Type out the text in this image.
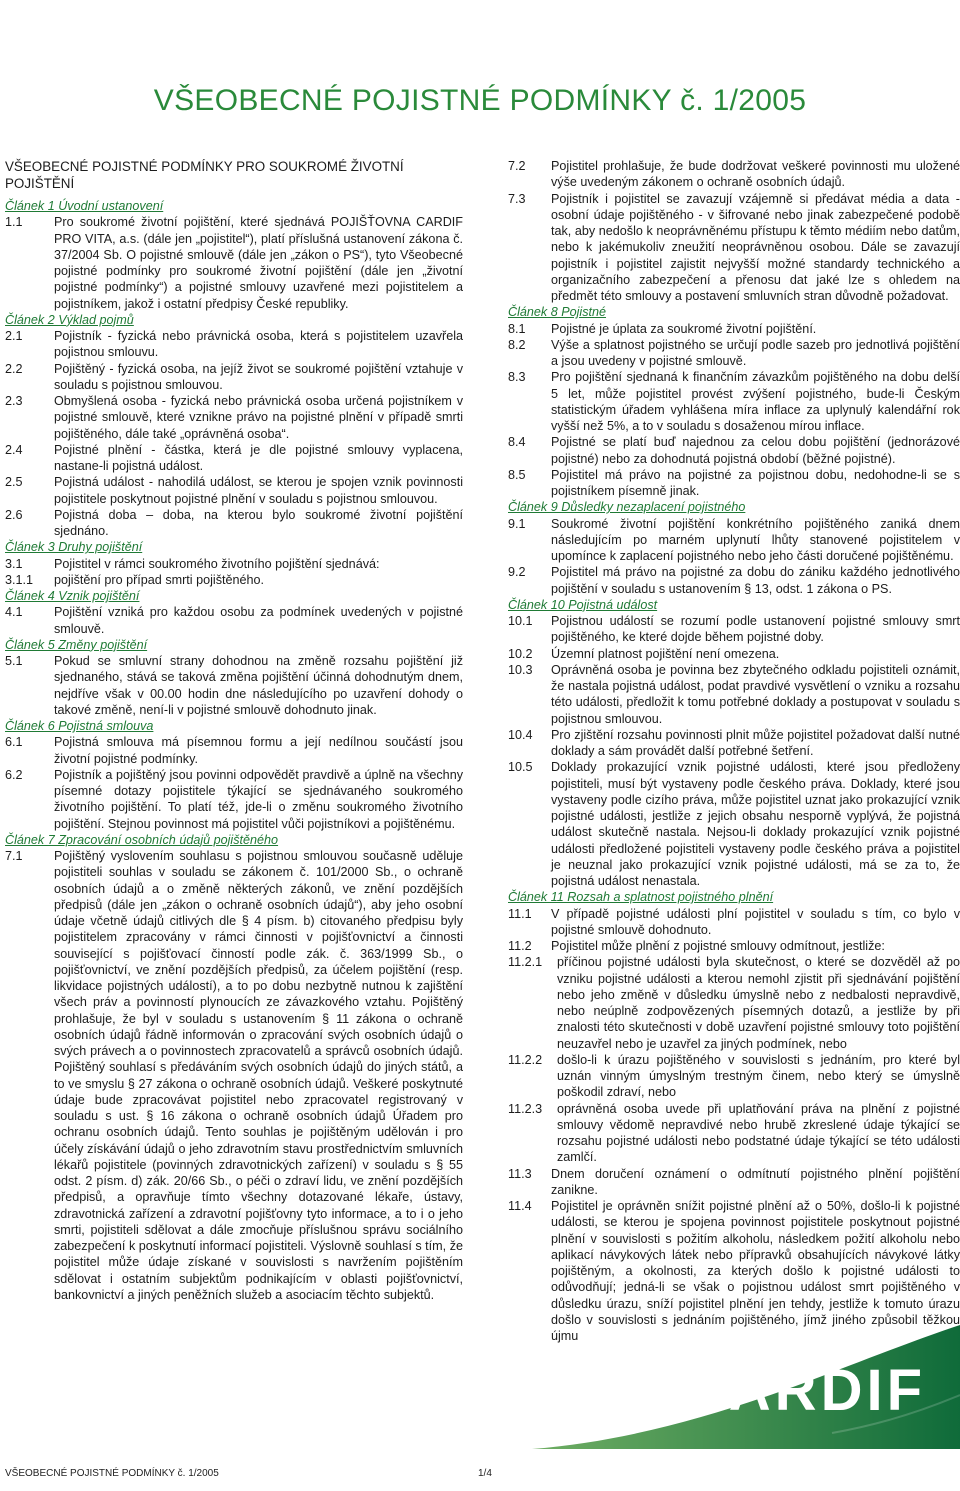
VŠEOBECNÉ POJISTNÉ PODMÍNKY č. 1/2005
VŠEOBECNÉ POJISTNÉ PODMÍNKY PRO SOUKROMÉ ŽIVOTNÍ POJIŠTĚNÍ
Článek 1 Úvodní ustanovení
1.1	Pro soukromé životní pojištění, které sjednává POJIŠŤOVNA CARDIF PRO VITA, a.s. (dále jen „pojistitel“), platí příslušná ustanovení zákona č. 37/2004 Sb. O pojistné smlouvě (dále jen „zákon o PS“), tyto Všeobecné pojistné podmínky pro soukromé životní pojištění (dále jen „životní pojistné podmínky“) a pojistné smlouvy uzavřené mezi pojistitelem a pojistníkem, jakož i ostatní předpisy České republiky.
Článek 2 Výklad pojmů
2.1	Pojistník - fyzická nebo právnická osoba, která s pojistitelem uzavřela pojistnou smlouvu.
2.2	Pojištěný - fyzická osoba, na jejíž život se soukromé pojištění vztahuje v souladu s pojistnou smlouvou.
2.3	Obmyšlená osoba - fyzická nebo právnická osoba určená pojistníkem v pojistné smlouvě, které vznikne právo na pojistné plnění v případě smrti pojištěného, dále také „oprávněná osoba“.
2.4	Pojistné plnění - částka, která je dle pojistné smlouvy vyplacena, nastane-li pojistná událost.
2.5	Pojistná událost - nahodilá událost, se kterou je spojen vznik povinnosti pojistitele poskytnout pojistné plnění v souladu s pojistnou smlouvou.
2.6	Pojistná doba – doba, na kterou bylo soukromé životní pojištění sjednáno.
Článek 3 Druhy pojištění
3.1	Pojistitel v rámci soukromého životního pojištění sjednává:
3.1.1	pojištění pro případ smrti pojištěného.
Článek 4 Vznik pojištění
4.1	Pojištění vzniká pro každou osobu za podmínek uvedených v pojistné smlouvě.
Článek 5 Změny pojištění
5.1	Pokud se smluvní strany dohodnou na změně rozsahu pojištění již sjednaného, stává se taková změna pojištění účinná dohodnutým dnem, nejdříve však v 00.00 hodin dne následujícího po uzavření dohody o takové změně, není-li v pojistné smlouvě dohodnuto jinak.
Článek 6 Pojistná smlouva
6.1	Pojistná smlouva má písemnou formu a její nedílnou součástí jsou životní pojistné podmínky.
6.2	Pojistník a pojištěný jsou povinni odpovědět pravdivě a úplně na všechny písemné dotazy pojistitele týkající se sjednávaného soukromého životního pojištění. To platí též, jde-li o změnu soukromého životního pojištění. Stejnou povinnost má pojistitel vůči pojistníkovi a pojištěnému.
Článek 7 Zpracování osobních údajů pojištěného
7.1	Pojištěný vyslovením souhlasu s pojistnou smlouvou současně uděluje pojistiteli souhlas v souladu se zákonem č. 101/2000 Sb., o ochraně osobních údajů a o změně některých zákonů, ve znění pozdějších předpisů (dále jen „zákon o ochraně osobních údajů“), aby jeho osobní údaje včetně údajů citlivých dle § 4 písm. b) citovaného předpisu byly pojistitelem zpracovány v rámci činnosti v pojišťovnictví a činnosti související s pojišťovací činností podle zák. č. 363/1999 Sb., o pojišťovnictví, ve znění pozdějších předpisů, za účelem pojištění (resp. likvidace pojistných událostí), a to po dobu nezbytně nutnou k zajištění všech práv a povinností plynoucích ze závazkového vztahu. Pojištěný prohlašuje, že byl v souladu s ustanovením § 11 zákona o ochraně osobních údajů řádně informován o zpracování svých osobních údajů o svých právech a o povinnostech zpracovatelů a správců osobních údajů. Pojištěný souhlasí s předáváním svých osobních údajů do jiných států, a to ve smyslu § 27 zákona o ochraně osobních údajů. Veškeré poskytnuté údaje bude zpracovávat pojistitel nebo zpracovatel registrovaný v souladu s ust. § 16 zákona o ochraně osobních údajů Úřadem pro ochranu osobních údajů. Tento souhlas je pojištěným udělován i pro účely získávání údajů o jeho zdravotním stavu prostřednictvím smluvních lékařů pojistitele (povinných zdravotnických zařízení) v souladu s § 55 odst. 2 písm. d) zák. 20/66 Sb., o péči o zdraví lidu, ve znění pozdějších předpisů, a opravňuje tímto všechny dotazované lékaře, ústavy, zdravotnická zařízení a zdravotní pojišťovny tyto informace, a to i o jeho smrti, pojistiteli sdělovat a dále zmocňuje příslušnou správu sociálního zabezpečení k poskytnutí informací pojistiteli. Výslovně souhlasí s tím, že pojistitel může údaje získané v souvislosti s navržením pojištěním sdělovat i ostatním subjektům podnikajícím v oblasti pojišťovnictví, bankovnictví a jiných peněžních služeb a asociacím těchto subjektů.
7.2	Pojistitel prohlašuje, že bude dodržovat veškeré povinnosti mu uložené výše uvedeným zákonem o ochraně osobních údajů.
7.3	Pojistník i pojistitel se zavazují vzájemně si předávat média a data - osobní údaje pojištěného - v šifrované nebo jinak zabezpečené podobě tak, aby nedošlo k neoprávněnému přístupu k těmto médiím nebo datům, nebo k jakémukoliv zneužití neoprávněnou osobou. Dále se zavazují pojistník i pojistitel zajistit nejvyšší možné standardy technického a organizačního zabezpečení a přenosu dat jaké lze s ohledem na předmět této smlouvy a postavení smluvních stran důvodně požadovat.
Článek 8 Pojistné
8.1	Pojistné je úplata za soukromé životní pojištění.
8.2	Výše a splatnost pojistného se určují podle sazeb pro jednotlivá pojištění a jsou uvedeny v pojistné smlouvě.
8.3	Pro pojištění sjednaná k finančním závazkům pojištěného na dobu delší 5 let, může pojistitel provést zvýšení pojistného, bude-li Českým statistickým úřadem vyhlášena míra inflace za uplynulý kalendářní rok vyšší než 5%, a to v souladu s dosaženou mírou inflace.
8.4	Pojistné se platí buď najednou za celou dobu pojištění (jednorázové pojistné) nebo za dohodnutá pojistná období (běžné pojistné).
8.5	Pojistitel má právo na pojistné za pojistnou dobu, nedohodne-li se s pojistníkem písemně jinak.
Článek 9 Důsledky nezaplacení pojistného
9.1	Soukromé životní pojištění konkrétního pojištěného zaniká dnem následujícím po marném uplynutí lhůty stanovené pojistitelem v upomínce k zaplacení pojistného nebo jeho části doručené pojištěnému.
9.2	Pojistitel má právo na pojistné za dobu do zániku každého jednotlivého pojištění v souladu s ustanovením § 13, odst. 1 zákona o PS.
Článek 10 Pojistná událost
10.1	Pojistnou událostí se rozumí podle ustanovení pojistné smlouvy smrt pojištěného, ke které dojde během pojistné doby.
10.2	Územní platnost pojištění není omezena.
10.3	Oprávněná osoba je povinna bez zbytečného odkladu pojistiteli oznámit, že nastala pojistná událost, podat pravdivé vysvětlení o vzniku a rozsahu této události, předložit k tomu potřebné doklady a postupovat v souladu s pojistnou smlouvou.
10.4	Pro zjištění rozsahu povinnosti plnit může pojistitel požadovat další nutné doklady a sám provádět další potřebné šetření.
10.5	Doklady prokazující vznik pojistné události, které jsou předloženy pojistiteli, musí být vystaveny podle českého práva. Doklady, které jsou vystaveny podle cizího práva, může pojistitel uznat jako prokazující vznik pojistné události, jestliže z jejich obsahu nesporně vyplývá, že pojistná událost skutečně nastala. Nejsou-li doklady prokazující vznik pojistné události předložené pojistiteli vystaveny podle českého práva a pojistitel je neuznal jako prokazující vznik pojistné události, má se za to, že pojistná událost nenastala.
Článek 11 Rozsah a splatnost pojistného plnění
11.1	V případě pojistné události plní pojistitel v souladu s tím, co bylo v pojistné smlouvě dohodnuto.
11.2	Pojistitel může plnění z pojistné smlouvy odmítnout, jestliže:
11.2.1	příčinou pojistné události byla skutečnost, o které se dozvěděl až po vzniku pojistné události a kterou nemohl zjistit při sjednávání pojištění nebo jeho změně v důsledku úmyslně nebo z nedbalosti nepravdivě, nebo neúplně zodpovězených písemných dotazů, a jestliže by při znalosti této skutečnosti v době uzavření pojistné smlouvy toto pojištění neuzavřel nebo je uzavřel za jiných podmínek, nebo
11.2.2	došlo-li k úrazu pojištěného v souvislosti s jednáním, pro které byl uznán vinným úmyslným trestným činem, nebo který se úmyslně poškodil zdraví, nebo
11.2.3	oprávněná osoba uvede při uplatňování práva na plnění z pojistné smlouvy vědomě nepravdivé nebo hrubě zkreslené údaje týkající se rozsahu pojistné události nebo podstatné údaje týkající se této události zamlčí.
11.3	Dnem doručení oznámení o odmítnutí pojistného plnění pojištění zanikne.
11.4	Pojistitel je oprávněn snížit pojistné plnění až o 50%, došlo-li k pojistné události, se kterou je spojena povinnost pojistitele poskytnout pojistné plnění v souvislosti s požitím alkoholu, následkem požití alkoholu nebo aplikací návykových látek nebo přípravků obsahujících návykové látky pojištěným, a okolnosti, za kterých došlo k pojistné události to odůvodňují; jedná-li se však o pojistnou událost smrt pojištěného v důsledku úrazu, sníží pojistitel plnění jen tehdy, jestliže k tomuto úrazu došlo v souvislosti s jednáním pojištěného, jímž jiného způsobil těžkou újmu
CARDIF
VŠEOBECNÉ POJISTNÉ PODMÍNKY č. 1/2005	1/4
